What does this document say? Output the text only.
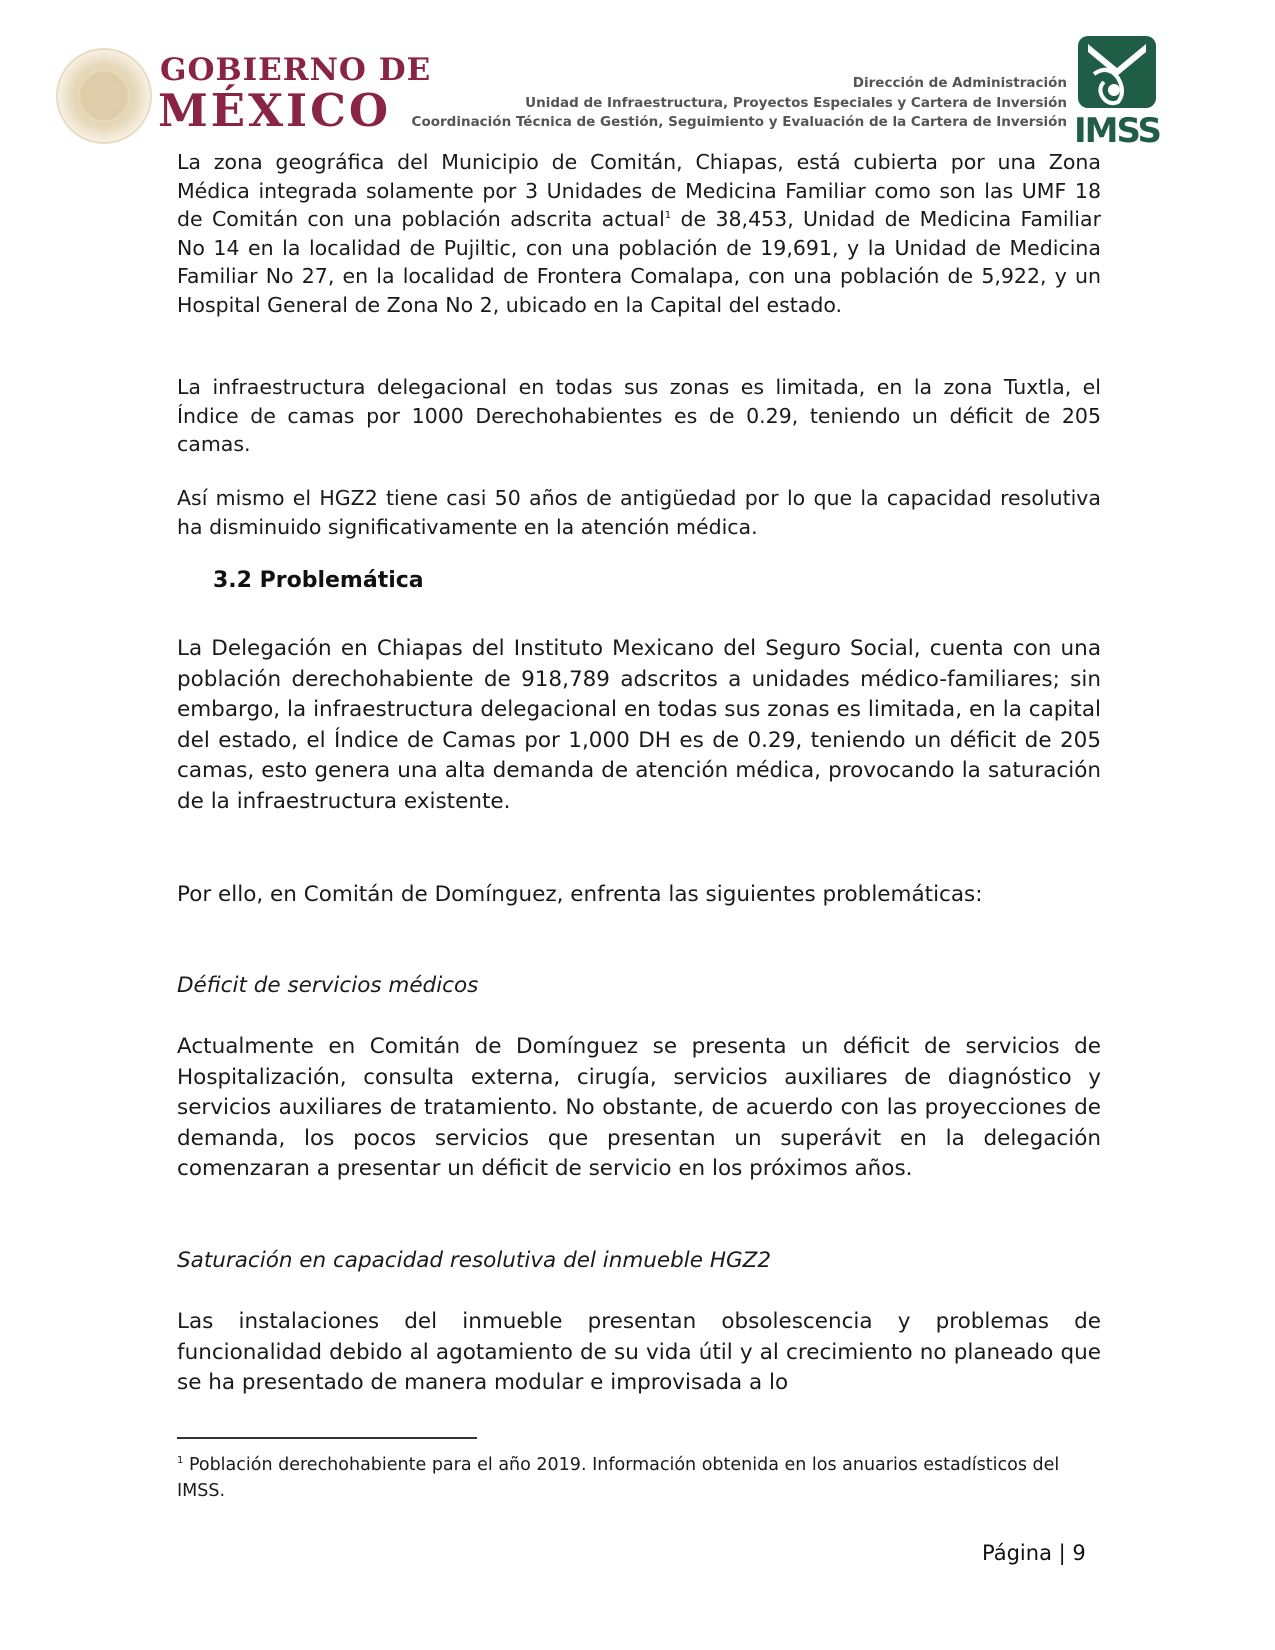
GOBIERNO DE
MÉXICO
Dirección de Administración
Unidad de Infraestructura, Proyectos Especiales y Cartera de Inversión
Coordinación Técnica de Gestión, Seguimiento y Evaluación de la Cartera de Inversión IMSS
La zona geográfica del Municipio de Comitán, Chiapas, está cubierta por una Zona Médica integrada solamente por 3 Unidades de Medicina Familiar como son las UMF 18 de Comitán con una población adscrita actual$^1$ de 38,453, Unidad de Medicina Familiar No 14 en la localidad de Pujiltic, con una población de 19,691, y la Unidad de Medicina Familiar No 27, en la localidad de Frontera Comalapa, con una población de 5,922, y un Hospital General de Zona No 2, ubicado en la Capital del estado.
La infraestructura delegacional en todas sus zonas es limitada, en la zona Tuxtla, el Índice de camas por 1000 Derechohabientes es de 0.29, teniendo un déficit de 205 camas.
Así mismo el HGZ2 tiene casi 50 años de antigüedad por lo que la capacidad resolutiva ha disminuido significativamente en la atención médica.
3.2 Problemática
La Delegación en Chiapas del Instituto Mexicano del Seguro Social, cuenta con una población derechohabiente de 918,789 adscritos a unidades médico-familiares; sin embargo, la infraestructura delegacional en todas sus zonas es limitada, en la capital del estado, el Índice de Camas por 1,000 DH es de 0.29, teniendo un déficit de 205 camas, esto genera una alta demanda de atención médica, provocando la saturación de la infraestructura existente.
Por ello, en Comitán de Domínguez, enfrenta las siguientes problemáticas:
Déficit de servicios médicos
Actualmente en Comitán de Domínguez se presenta un déficit de servicios de Hospitalización, consulta externa, cirugía, servicios auxiliares de diagnóstico y servicios auxiliares de tratamiento. No obstante, de acuerdo con las proyecciones de demanda, los pocos servicios que presentan un superávit en la delegación comenzaran a presentar un déficit de servicio en los próximos años.
Saturación en capacidad resolutiva del inmueble HGZ2
Las instalaciones del inmueble presentan obsolescencia y problemas de funcionalidad debido al agotamiento de su vida útil y al crecimiento no planeado que se ha presentado de manera modular e improvisada a lo
$^1$ Población derechohabiente para el año 2019. Información obtenida en los anuarios estadísticos del IMSS.
Página | 9
